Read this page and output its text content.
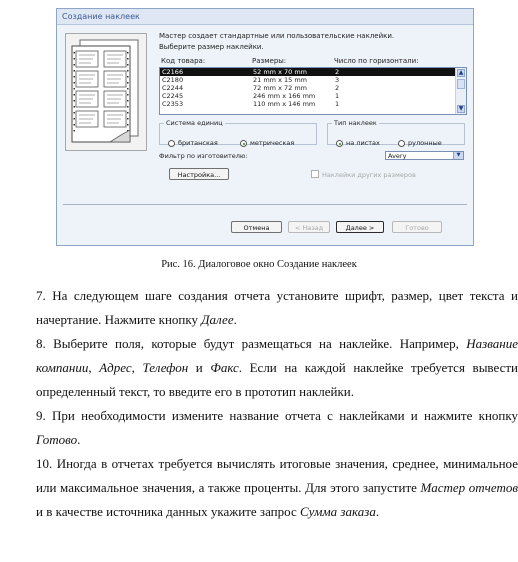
Создание наклеек
Мастер создает стандартные или пользовательские наклейки.
Выберите размер наклейки.
Код товара:	Размеры:	Число по горизонтали:
C2166	52 mm x 70 mm	2
C2180	21 mm x 15 mm	3
C2244	72 mm x 72 mm	2
C2245	246 mm x 166 mm	1
C2353	110 mm x 146 mm	1
▲
▼
Система единиц
британская	метрическая
Тип наклеек
на листах	рулонные
Фильтр по изготовителю:	Avery	▼
Настройка...	Наклейки других размеров
Отмена	< Назад	Далее >	Готово
Рис. 16. Диалоговое окно Создание наклеек

7. На следующем шаге создания отчета установите шрифт, размер, цвет текста и начертание. Нажмите кнопку Далее.

8. Выберите поля, которые будут размещаться на наклейке. Например, Название компании, Адрес, Телефон и Факс. Если на каждой наклейке требуется вывести определенный текст, то введите его в прототип наклейки.

9. При необходимости измените название отчета с наклейками и нажмите кнопку Готово.

10. Иногда в отчетах требуется вычислять итоговые значения, среднее, минимальное или максимальное значения, а также проценты. Для этого запустите Мастер отчетов и в качестве источника данных укажите запрос Сумма заказа.
